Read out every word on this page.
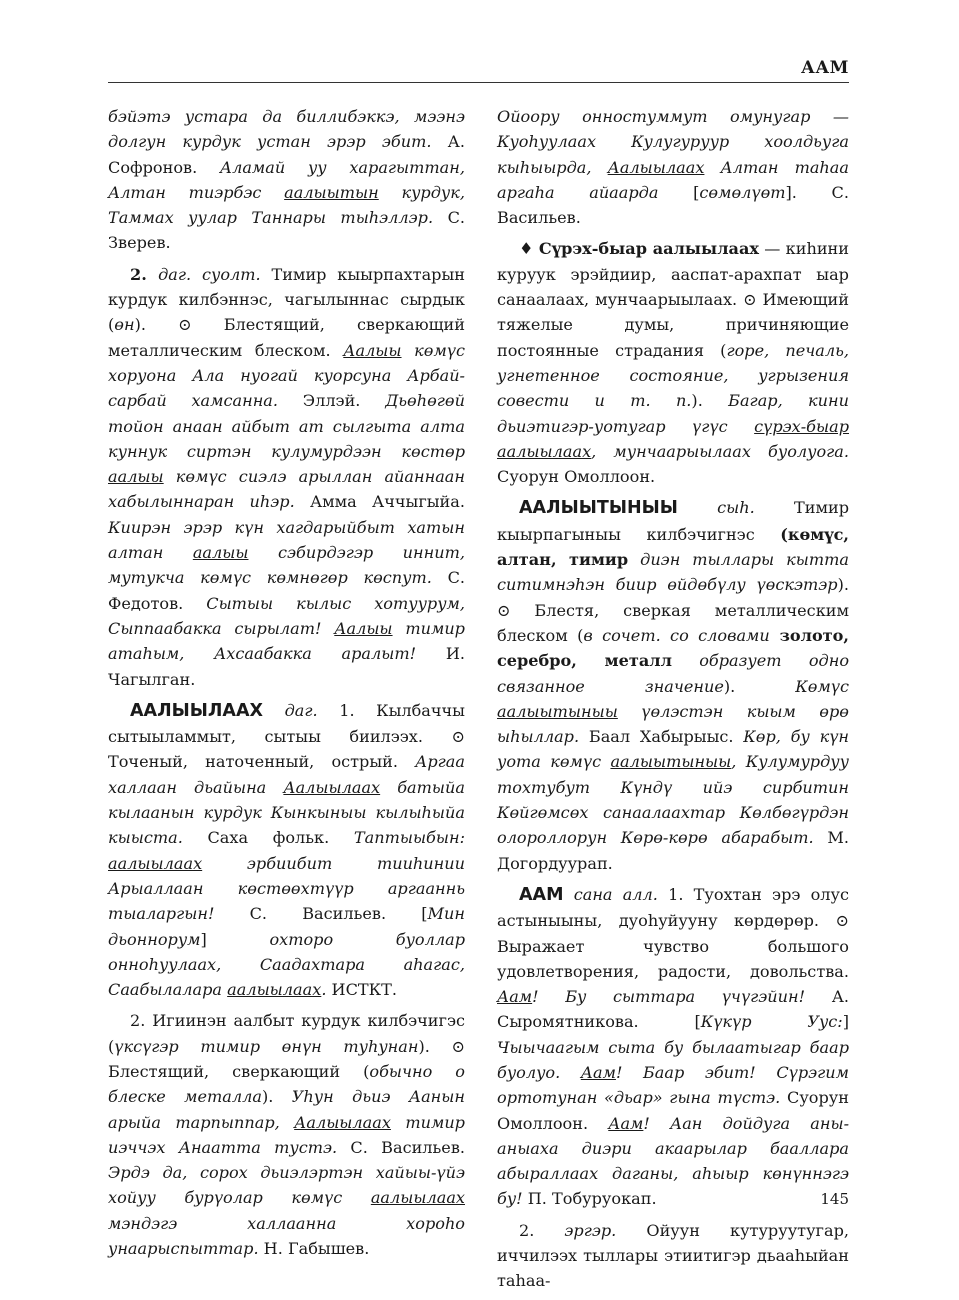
ААМ

бэйэтэ устара да биллибэккэ, мээнэ долгун курдук устан эрэр эбит. А. Софронов. Аламай уу харагыттан, Алтан тиэрбэс аалыытын курдук, Таммах уулар Таннары тыһэллэр. С. Зверев.

2. даг. суолт. Тимир кыырпахтарын курдук килбэннэс, чагылыннас сырдык (өн). ⊙ Блестящий, сверкающий металлическим блеском. Аалыы көмүс хоруона Ала нуогай куорсуна Арбай-сарбай хамсанна. Эллэй. Дьөһөгөй тойон анаан айбыт ат сылгыта алта куннук сиртэн кулумурдээн көстөр аалыы көмүс сиэлэ арыллан айаннаан хабылыннаран иһэр. Амма Аччыгыйа. Киирэн эрэр күн хагдарыйбыт хатын алтан аалыы сэбирдэгэр иннит, мутукча көмүс көмнөгөр көспут. С. Федотов. Сытыы кылыс хотуурум, Сыппаабакка сырылат! Аалыы тимир атаһым, Ахсаабакка аралыт! И. Чагылган.

ААЛЫЫЛААХ даг. 1. Кылбаччы сытыыламмыт, сытыы биилээх. ⊙ Точеный, наточенный, острый. Аргаа халлаан дьайына Аалыылаах батыйа кылаанын курдук Кынкыныы кылыһыйа кыыста. Саха фольк. Таптыыбын: аалыылаах эрбиибит тииһинии Арыаллаан көстөөхтүүр аргааннь тыаларгын! С. Васильев. [Мин дьоннорум] охторо буоллар онноһуулаах, Саадахтара аһагас, Саабылалара аалыылаах. ИСТКТ.

2. Игиинэн аалбыт курдук килбэчигэс (үксүгэр тимир өнүн туһунан). ⊙ Блестящий, сверкающий (обычно о блеске металла). Уһун дьиэ Аанын арыйа тарпыппар, Аалыылаах тимир иэччэх Анаатта тустэ. С. Васильев. Эрдэ да, сорох дьиэлэртэн хайыы-үйэ хойуу бурүолар көмүс аалыылаах мэндэгэ халлаанна хороһо унаарыспыттар. Н. Габышев.

Ойоору онностуммут омунугар — Куоһуулаах Кулугуруур хоолдьуга кыһыырда, Аалыылаах Алтан таһаа аргаһа айаарда [сөмөлүөт]. С. Васильев.

♦ Сүрэх-быар аалыылаах — киһини куруук эрэйдиир, ааспат-арахпат ыар санаалаах, мунчаарыылаах. ⊙ Имеющий тяжелые думы, причиняющие постоянные страдания (горе, печаль, угнетенное состояние, угрызения совести и т. п.). Багар, кини дьиэтигэр-уотугар үгүс сүрэх-быар аалыылаах, мунчаарыылаах буолуога. Суорун Омоллоон.

ААЛЫЫТЫНЫЫ сыһ. Тимир кыырпагыныы килбэчигнэс (көмүс, алтан, тимир диэн тыллары кытта ситимнэһэн биир өйдөбүлу үөскэтэр). ⊙ Блестя, сверкая металлическим блеском (в сочет. со словами золото, серебро, металл образует одно связанное значение). Көмүс аалыытыныы үөлэстэн кыым өрө ыһыллар. Баал Хабырыыс. Көр, бу күн уота көмүс аалыытыныы, Кулумурдуу тохтубут Күндү ийэ сирбитин Көйгөмсөх санаалаахтар Көлбөгүрдэн олороллорун Көрө-көрө абарабыт. М. Догордуурап.

ААМ сана алл. 1. Туохтан эрэ олус астыныыны, дуоһуйууну көрдөрөр. ⊙ Выражает чувство большого удовлетворения, радости, довольства. Аам! Бу сыттара үчүгэйин! А. Сыромятникова. [Күкүр Уус:] Чыычаагым сыта бу былаатыгар баар буолуо. Аам! Баар эбит! Сүрэгим ортотунан «дьар» гына түстэ. Суорун Омоллоон. Аам! Аан дойдуга аны-аныаха диэри акаарылар бааллара абыраллаах даганы, аһыыр көнүннэгэ бу! П. Тобуруокап.

2. эргэр. Ойуун кутуруутугар, иччилээх тыллары этиитигэр дьааһыйан таһаа-

145
